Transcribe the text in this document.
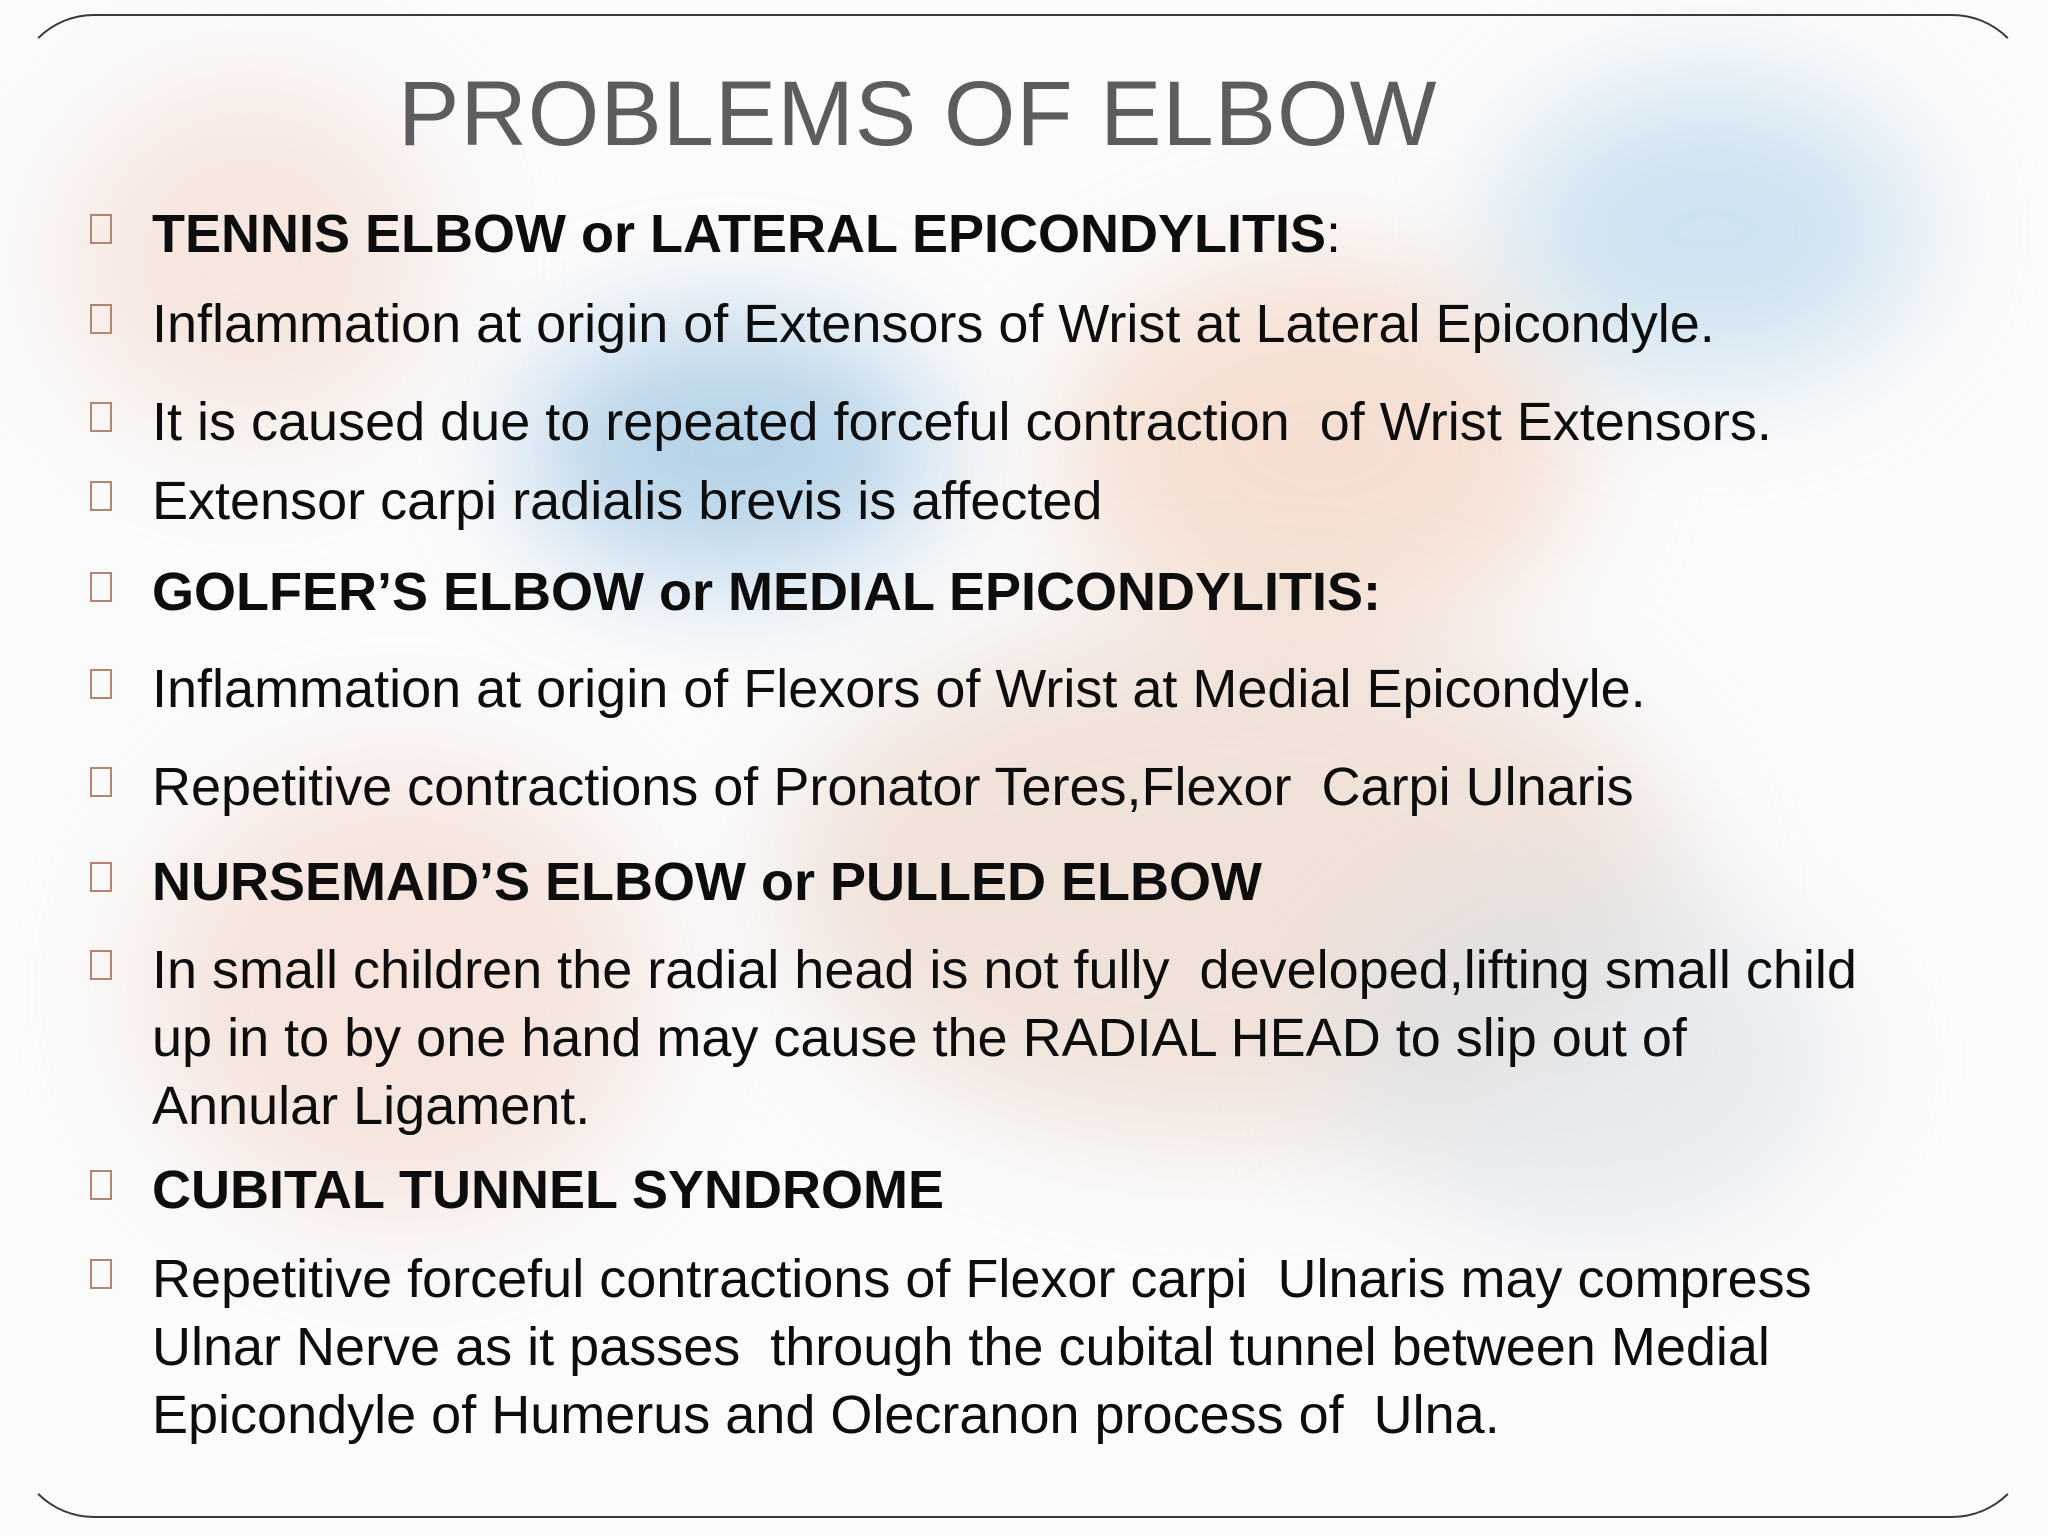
PROBLEMS OF ELBOW
TENNIS ELBOW or LATERAL EPICONDYLITIS:
Inflammation at origin of Extensors of Wrist at Lateral Epicondyle.
It is caused due to repeated forceful contraction  of Wrist Extensors.
Extensor carpi radialis brevis is affected
GOLFER’S ELBOW or MEDIAL EPICONDYLITIS:
Inflammation at origin of Flexors of Wrist at Medial Epicondyle.
Repetitive contractions of Pronator Teres,Flexor  Carpi Ulnaris
NURSEMAID’S ELBOW or PULLED ELBOW
In small children the radial head is not fully  developed,lifting small child
up in to by one hand may cause the RADIAL HEAD to slip out of
Annular Ligament.
CUBITAL TUNNEL SYNDROME
Repetitive forceful contractions of Flexor carpi  Ulnaris may compress
Ulnar Nerve as it passes  through the cubital tunnel between Medial
Epicondyle of Humerus and Olecranon process of  Ulna.
